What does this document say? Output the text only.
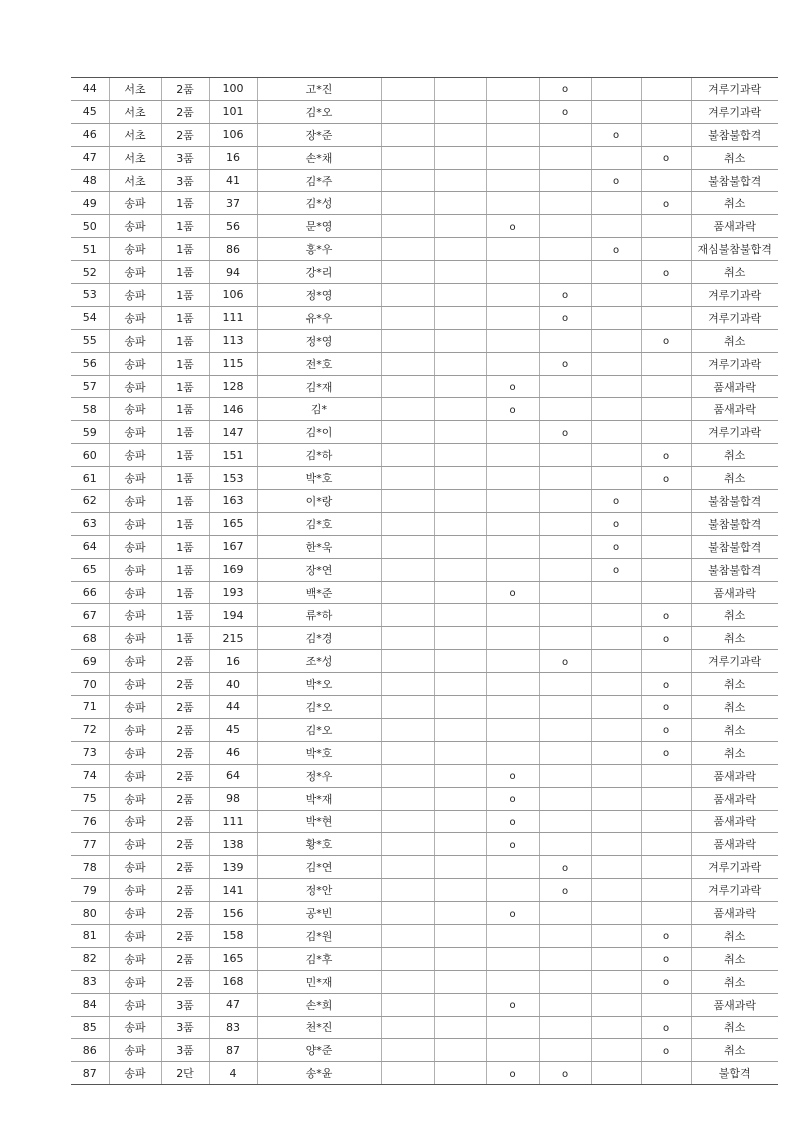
44	서초	2품	100	고*진				o			겨루기과락
45	서초	2품	101	김*오				o			겨루기과락
46	서초	2품	106	장*준					o		불참불합격
47	서초	3품	16	손*채						o	취소
48	서초	3품	41	김*주					o		불참불합격
49	송파	1품	37	김*성						o	취소
50	송파	1품	56	문*영			o				품새과락
51	송파	1품	86	홍*우					o		재심불참불합격
52	송파	1품	94	강*리						o	취소
53	송파	1품	106	정*영				o			겨루기과락
54	송파	1품	111	유*우				o			겨루기과락
55	송파	1품	113	정*영						o	취소
56	송파	1품	115	전*호				o			겨루기과락
57	송파	1품	128	김*재			o				품새과락
58	송파	1품	146	김*			o				품새과락
59	송파	1품	147	김*이				o			겨루기과락
60	송파	1품	151	김*하						o	취소
61	송파	1품	153	박*호						o	취소
62	송파	1품	163	이*랑					o		불참불합격
63	송파	1품	165	김*호					o		불참불합격
64	송파	1품	167	한*욱					o		불참불합격
65	송파	1품	169	장*연					o		불참불합격
66	송파	1품	193	백*준			o				품새과락
67	송파	1품	194	류*하						o	취소
68	송파	1품	215	김*경						o	취소
69	송파	2품	16	조*성				o			겨루기과락
70	송파	2품	40	박*오						o	취소
71	송파	2품	44	김*오						o	취소
72	송파	2품	45	김*오						o	취소
73	송파	2품	46	박*호						o	취소
74	송파	2품	64	정*우			o				품새과락
75	송파	2품	98	박*재			o				품새과락
76	송파	2품	111	박*현			o				품새과락
77	송파	2품	138	황*호			o				품새과락
78	송파	2품	139	김*연				o			겨루기과락
79	송파	2품	141	정*안				o			겨루기과락
80	송파	2품	156	공*빈			o				품새과락
81	송파	2품	158	김*원						o	취소
82	송파	2품	165	김*후						o	취소
83	송파	2품	168	민*재						o	취소
84	송파	3품	47	손*희			o				품새과락
85	송파	3품	83	천*진						o	취소
86	송파	3품	87	양*준						o	취소
87	송파	2단	4	송*윤			o	o			불합격
